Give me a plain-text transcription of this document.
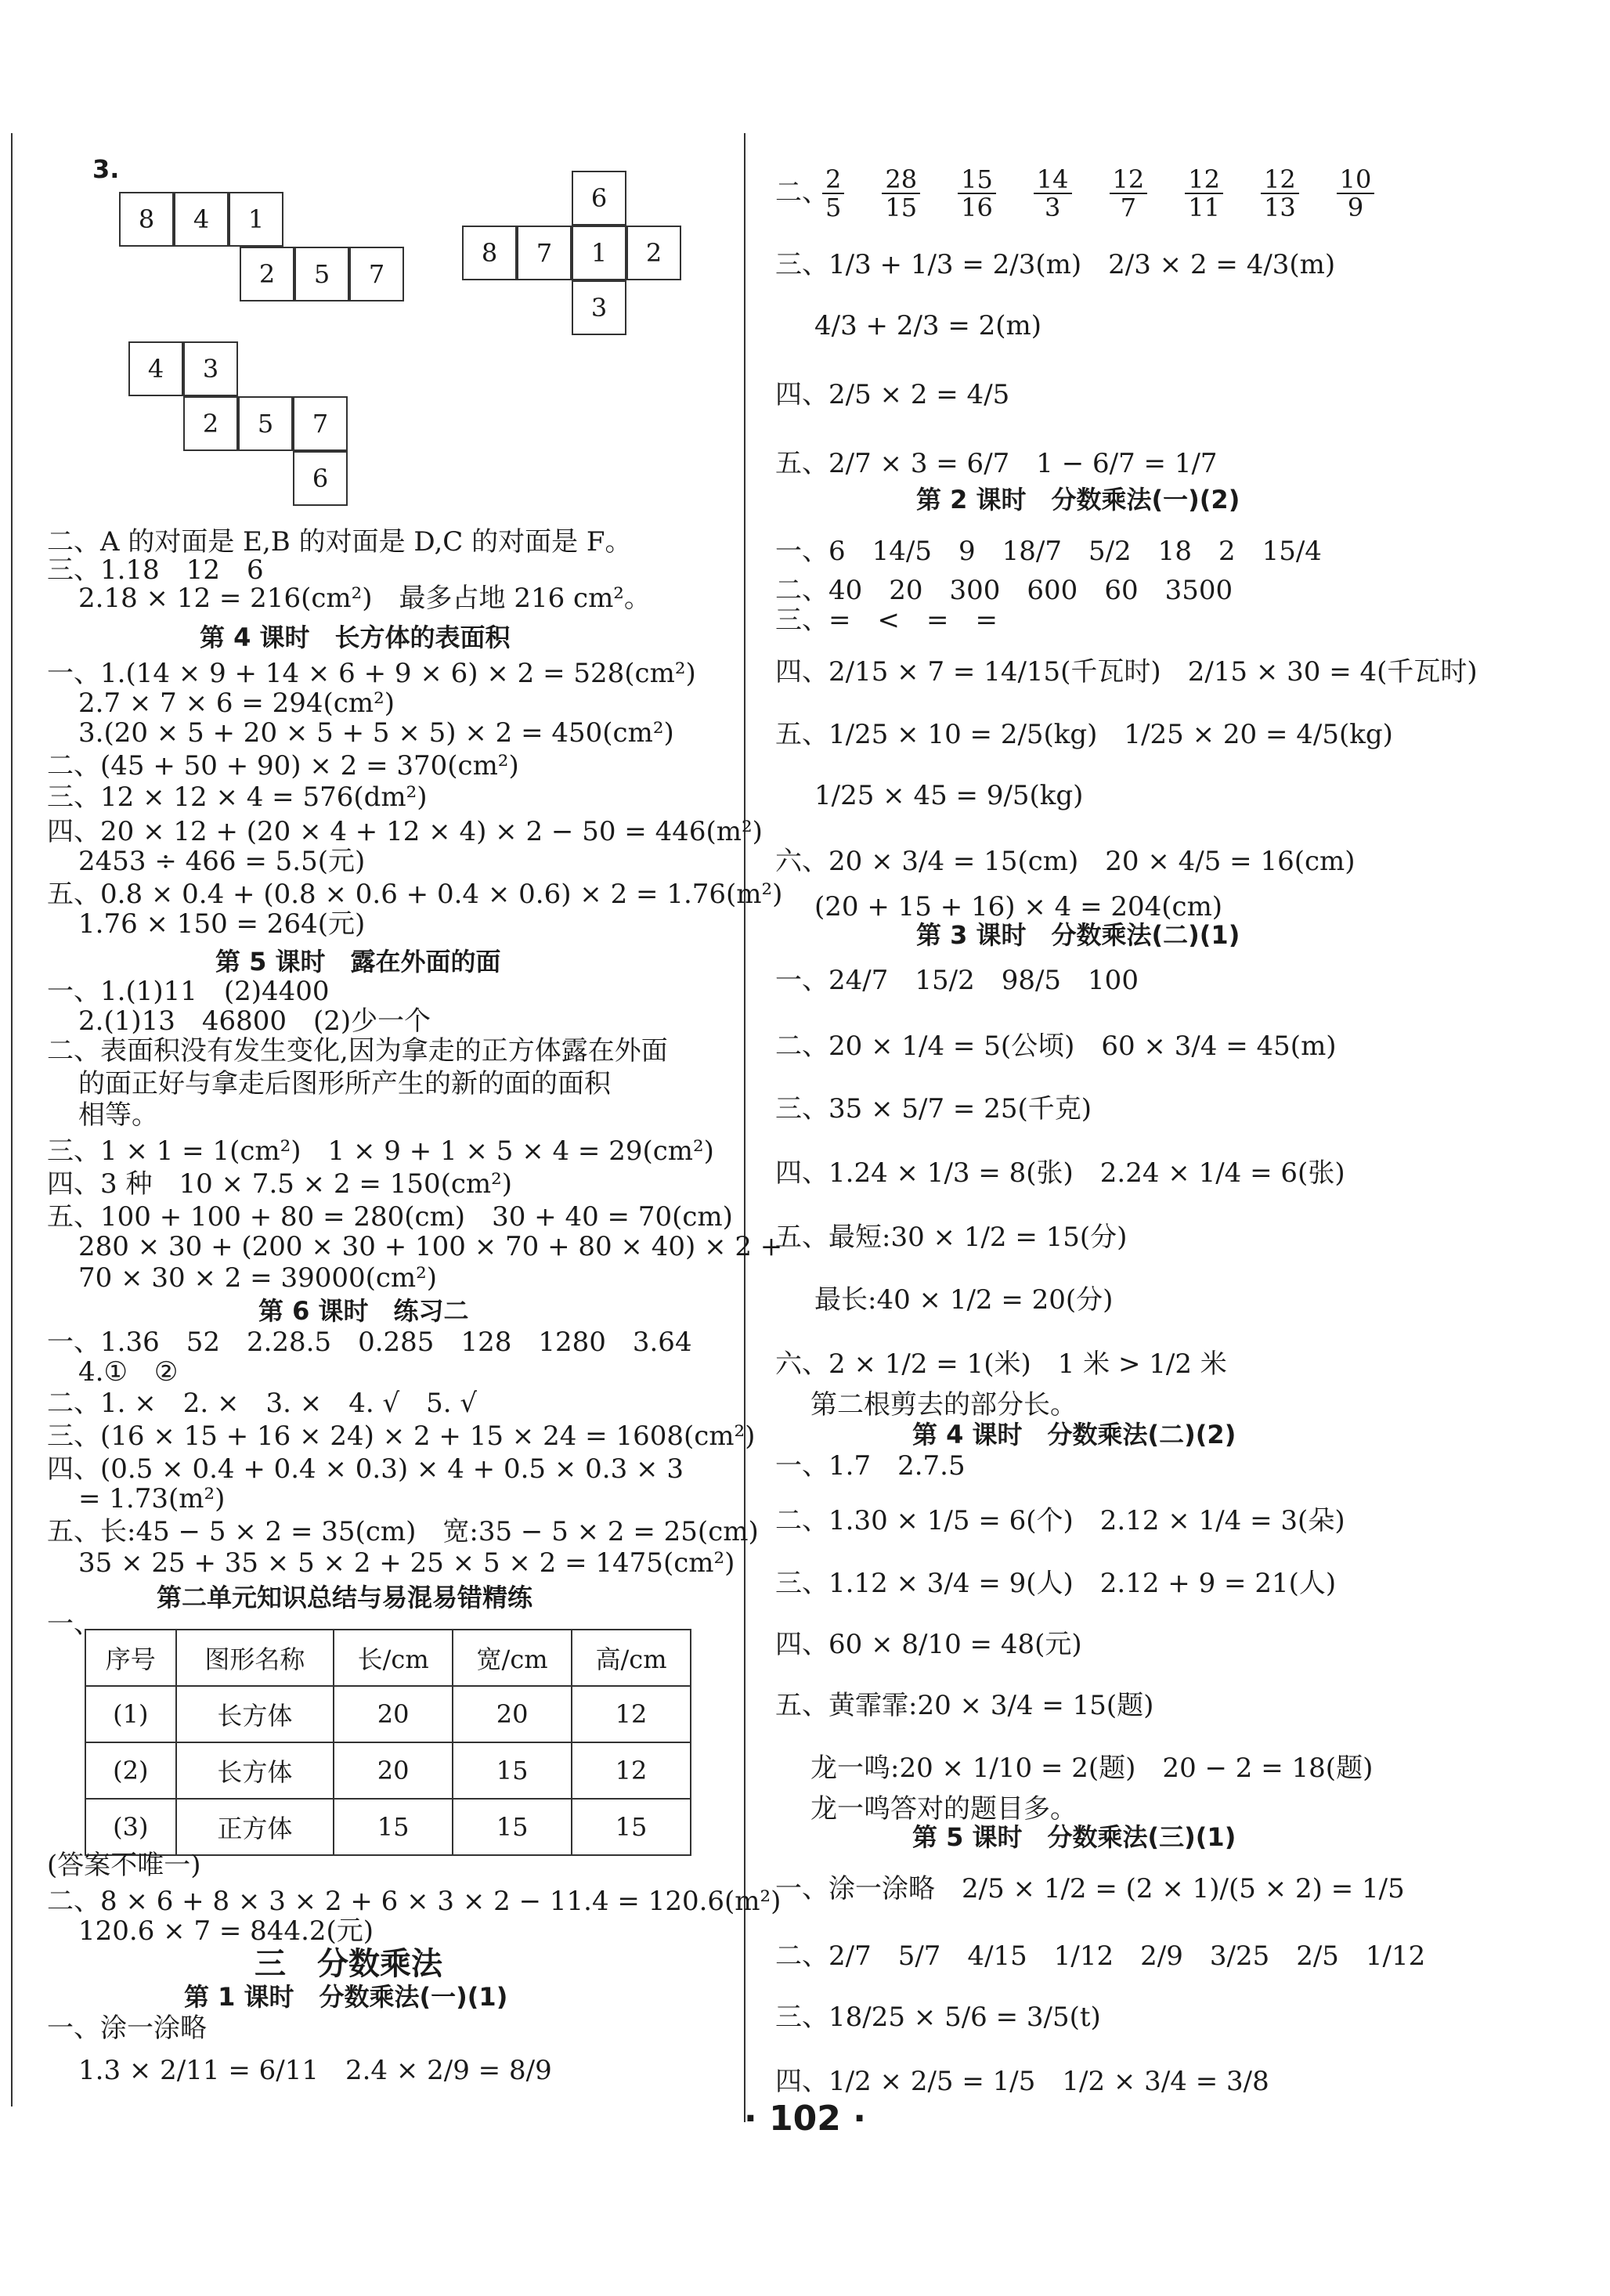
3.
8	4	1
2	5	7
6
8	7	1	2
3
4	3
2	5	7
6
二、A 的对面是 E,B 的对面是 D,C 的对面是 F。
三、1.18　12　6
2.18 × 12 = 216(cm²)　最多占地 216 cm²。
第 4 课时　长方体的表面积
一、1.(14 × 9 + 14 × 6 + 9 × 6) × 2 = 528(cm²)
2.7 × 7 × 6 = 294(cm²)
3.(20 × 5 + 20 × 5 + 5 × 5) × 2 = 450(cm²)
二、(45 + 50 + 90) × 2 = 370(cm²)
三、12 × 12 × 4 = 576(dm²)
四、20 × 12 + (20 × 4 + 12 × 4) × 2 − 50 = 446(m²)
2453 ÷ 466 = 5.5(元)
五、0.8 × 0.4 + (0.8 × 0.6 + 0.4 × 0.6) × 2 = 1.76(m²)
1.76 × 150 = 264(元)
第 5 课时　露在外面的面
一、1.(1)11　(2)4400
2.(1)13　46800　(2)少一个
二、表面积没有发生变化,因为拿走的正方体露在外面
的面正好与拿走后图形所产生的新的面的面积
相等。
三、1 × 1 = 1(cm²)　1 × 9 + 1 × 5 × 4 = 29(cm²)
四、3 种　10 × 7.5 × 2 = 150(cm²)
五、100 + 100 + 80 = 280(cm)　30 + 40 = 70(cm)
280 × 30 + (200 × 30 + 100 × 70 + 80 × 40) × 2 +
70 × 30 × 2 = 39000(cm²)
第 6 课时　练习二
一、1.36　52　2.28.5　0.285　128　1280　3.64
4.①　②
二、1. ×　2. ×　3. ×　4. √　5. √
三、(16 × 15 + 16 × 24) × 2 + 15 × 24 = 1608(cm²)
四、(0.5 × 0.4 + 0.4 × 0.3) × 4 + 0.5 × 0.3 × 3
= 1.73(m²)
五、长:45 − 5 × 2 = 35(cm)　宽:35 − 5 × 2 = 25(cm)
35 × 25 + 35 × 5 × 2 + 25 × 5 × 2 = 1475(cm²)
第二单元知识总结与易混易错精练
一、
序号	图形名称	长/cm	宽/cm	高/cm
(1)	长方体	20	20	12
(2)	长方体	20	15	12
(3)	正方体	15	15	15
(答案不唯一)
二、8 × 6 + 8 × 3 × 2 + 6 × 3 × 2 − 11.4 = 120.6(m²)
120.6 × 7 = 844.2(元)
三　分数乘法
第 1 课时　分数乘法(一)(1)
一、涂一涂略
1.3 × 2/11 = 6/11　2.4 × 2/9 = 8/9
二、
2
5
28
15
15
16
14
3
12
7
12
11
12
13
10
9
三、1/3 + 1/3 = 2/3(m)　2/3 × 2 = 4/3(m)
4/3 + 2/3 = 2(m)
四、2/5 × 2 = 4/5
五、2/7 × 3 = 6/7　1 − 6/7 = 1/7
第 2 课时　分数乘法(一)(2)
一、6　14/5　9　18/7　5/2　18　2　15/4
二、40　20　300　600　60　3500
三、=　<　=　=
四、2/15 × 7 = 14/15(千瓦时)　2/15 × 30 = 4(千瓦时)
五、1/25 × 10 = 2/5(kg)　1/25 × 20 = 4/5(kg)
1/25 × 45 = 9/5(kg)
六、20 × 3/4 = 15(cm)　20 × 4/5 = 16(cm)
(20 + 15 + 16) × 4 = 204(cm)
第 3 课时　分数乘法(二)(1)
一、24/7　15/2　98/5　100
二、20 × 1/4 = 5(公顷)　60 × 3/4 = 45(m)
三、35 × 5/7 = 25(千克)
四、1.24 × 1/3 = 8(张)　2.24 × 1/4 = 6(张)
五、最短:30 × 1/2 = 15(分)
最长:40 × 1/2 = 20(分)
六、2 × 1/2 = 1(米)　1 米 > 1/2 米
第二根剪去的部分长。
第 4 课时　分数乘法(二)(2)
一、1.7　2.7.5
二、1.30 × 1/5 = 6(个)　2.12 × 1/4 = 3(朵)
三、1.12 × 3/4 = 9(人)　2.12 + 9 = 21(人)
四、60 × 8/10 = 48(元)
五、黄霏霏:20 × 3/4 = 15(题)
龙一鸣:20 × 1/10 = 2(题)　20 − 2 = 18(题)
龙一鸣答对的题目多。
第 5 课时　分数乘法(三)(1)
一、涂一涂略　2/5 × 1/2 = (2 × 1)/(5 × 2) = 1/5
二、2/7　5/7　4/15　1/12　2/9　3/25　2/5　1/12
三、18/25 × 5/6 = 3/5(t)
四、1/2 × 2/5 = 1/5　1/2 × 3/4 = 3/8
· 102 ·
